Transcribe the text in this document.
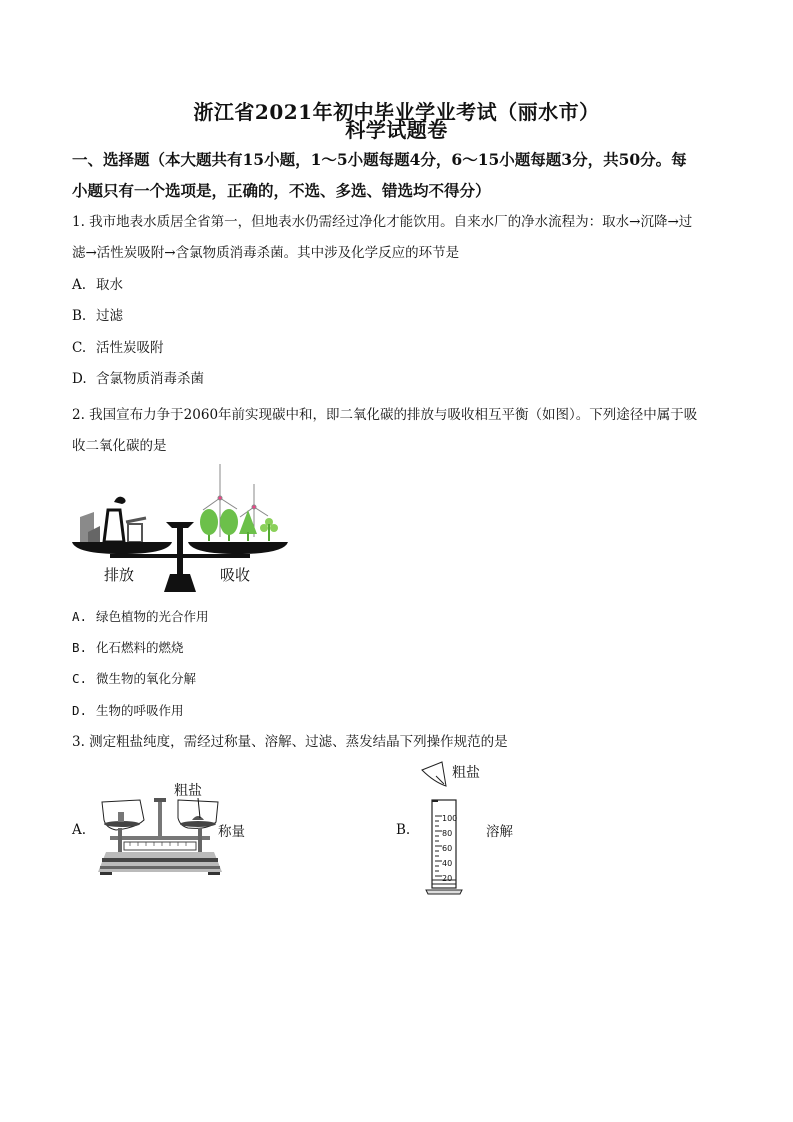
浙江省2021年初中毕业学业考试（丽水市）
科学试题卷
一、选择题（本大题共有15小题，1～5小题每题4分，6～15小题每题3分，共50分。每
小题只有一个选项是，正确的，不选、多选、错选均不得分）
1. 我市地表水质居全省第一，但地表水仍需经过净化才能饮用。自来水厂的净水流程为：取水→沉降→过
滤→活性炭吸附→含氯物质消毒杀菌。其中涉及化学反应的环节是
A. 取水
B. 过滤
C. 活性炭吸附
D. 含氯物质消毒杀菌
2. 我国宣布力争于2060年前实现碳中和，即二氧化碳的排放与吸收相互平衡（如图）。下列途径中属于吸
收二氧化碳的是
排放	吸收
A. 绿色植物的光合作用
B. 化石燃料的燃烧
C. 微生物的氧化分解
D. 生物的呼吸作用
3. 测定粗盐纯度，需经过称量、溶解、过滤、蒸发结晶下列操作规范的是
A.
粗盐
称量	B.
100
80
60
40
20
粗盐
溶解
